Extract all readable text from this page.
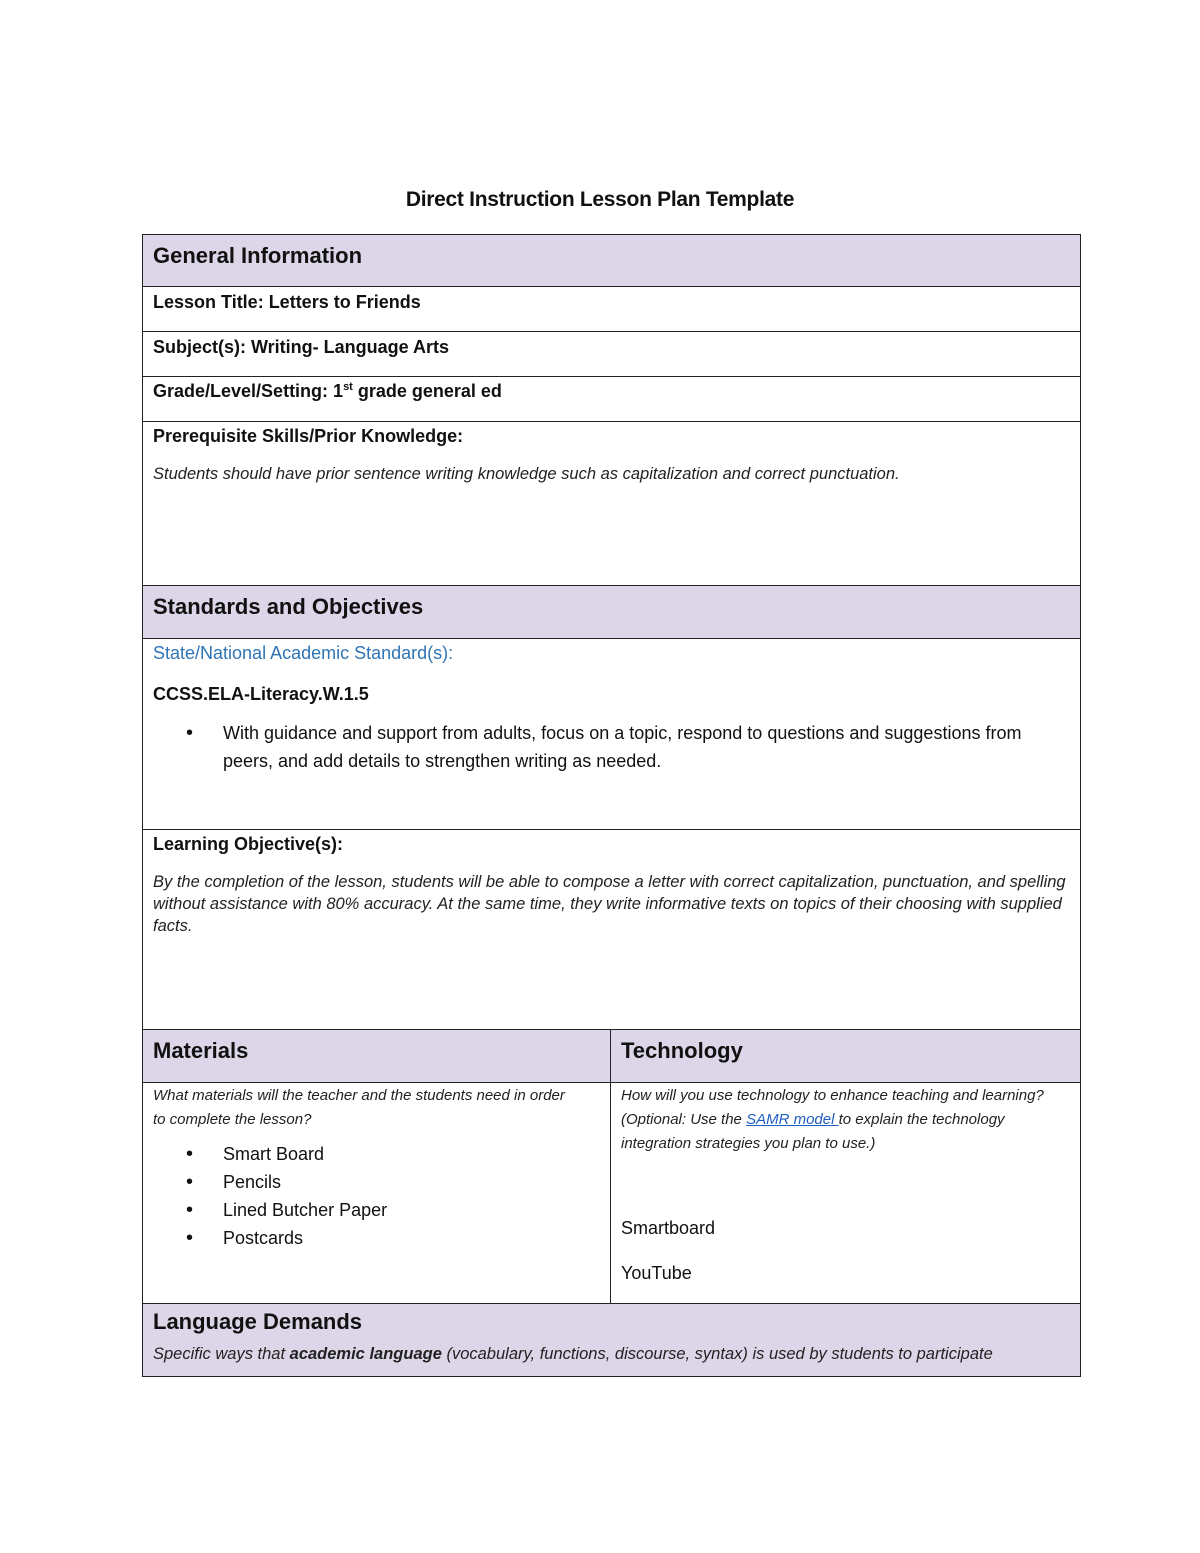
Direct Instruction Lesson Plan Template
General Information
Lesson Title: Letters to Friends
Subject(s): Writing- Language Arts
Grade/Level/Setting: 1st grade general ed
Prerequisite Skills/Prior Knowledge:
Students should have prior sentence writing knowledge such as capitalization and correct punctuation.
Standards and Objectives
State/National Academic Standard(s):
CCSS.ELA-Literacy.W.1.5
• With guidance and support from adults, focus on a topic, respond to questions and suggestions from peers, and add details to strengthen writing as needed.
Learning Objective(s):
By the completion of the lesson, students will be able to compose a letter with correct capitalization, punctuation, and spelling without assistance with 80% accuracy. At the same time, they write informative texts on topics of their choosing with supplied facts.
Materials	Technology
What materials will the teacher and the students need in order to complete the lesson?
• Smart Board
• Pencils
• Lined Butcher Paper
• Postcards
How will you use technology to enhance teaching and learning? (Optional: Use the SAMR model to explain the technology integration strategies you plan to use.)
Smartboard
YouTube
Language Demands
Specific ways that academic language (vocabulary, functions, discourse, syntax) is used by students to participate
